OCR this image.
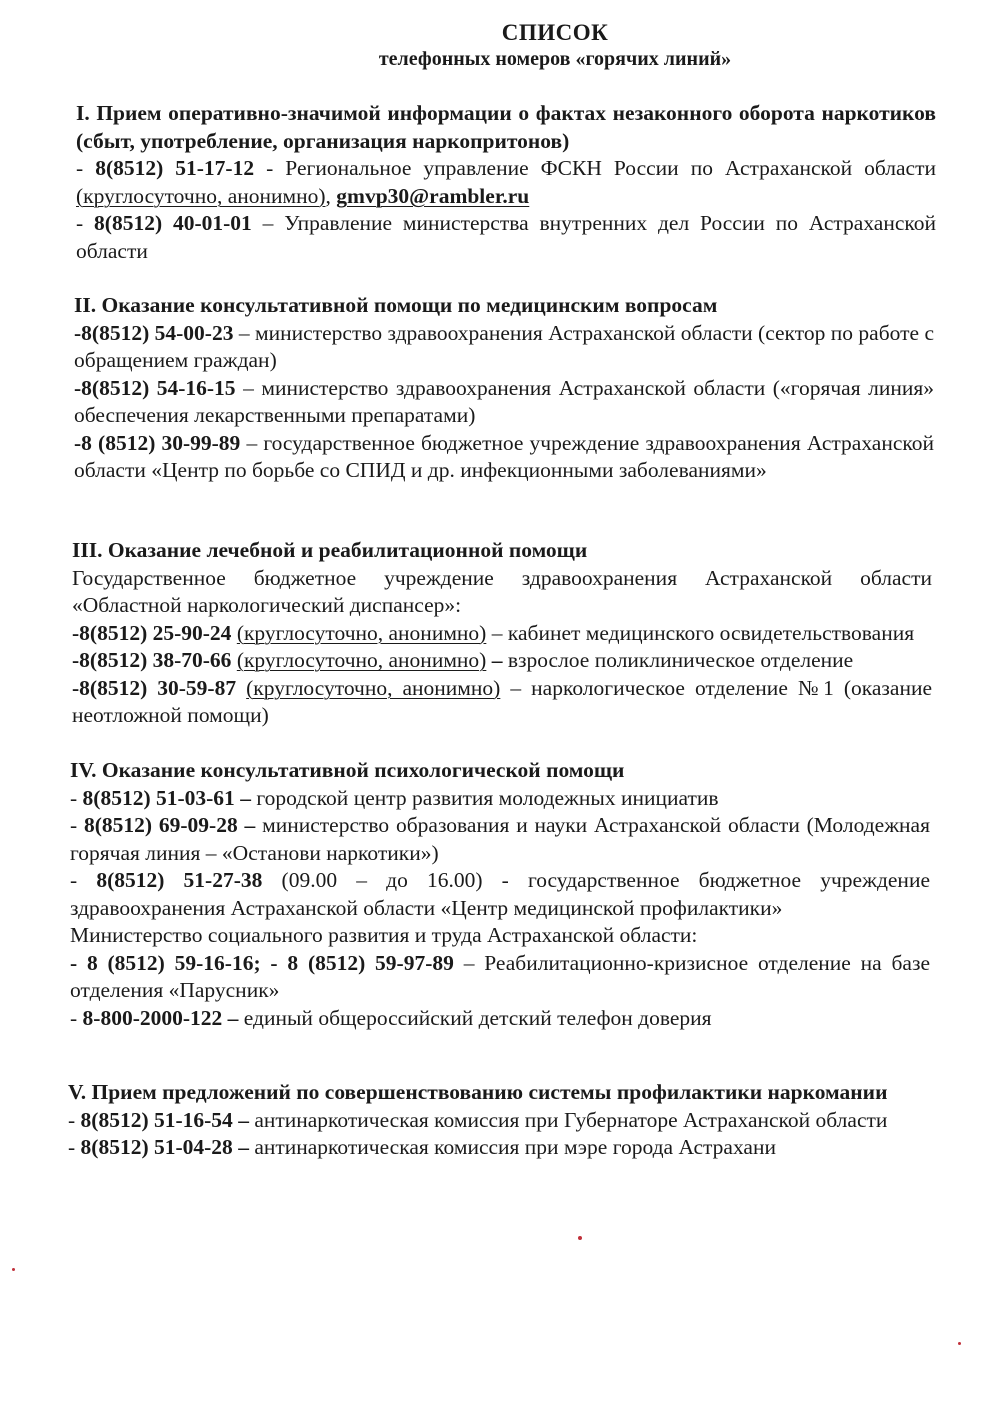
СПИСОК
телефонных номеров «горячих линий»
I. Прием оперативно-значимой информации о фактах незаконного оборота наркотиков (сбыт, употребление, организация наркопритонов)
- 8(8512) 51-17-12 - Региональное управление ФСКН России по Астраханской области (круглосуточно, анонимно), gmvp30@rambler.ru
- 8(8512) 40-01-01 – Управление министерства внутренних дел России по Астраханской области
II. Оказание консультативной помощи по медицинским вопросам
-8(8512) 54-00-23 – министерство здравоохранения Астраханской области (сектор по работе с обращением граждан)
-8(8512) 54-16-15 – министерство здравоохранения Астраханской области («горячая линия» обеспечения лекарственными препаратами)
-8 (8512) 30-99-89 – государственное бюджетное учреждение здравоохранения Астраханской области «Центр по борьбе со СПИД и др. инфекционными заболеваниями»
III. Оказание лечебной и реабилитационной помощи
Государственное бюджетное учреждение здравоохранения Астраханской области «Областной наркологический диспансер»:
-8(8512) 25-90-24 (круглосуточно, анонимно) – кабинет медицинского освидетельствования
-8(8512) 38-70-66 (круглосуточно, анонимно) – взрослое поликлиническое отделение
-8(8512) 30-59-87 (круглосуточно, анонимно) – наркологическое отделение №1 (оказание неотложной помощи)
IV. Оказание консультативной психологической помощи
- 8(8512) 51-03-61 – городской центр развития молодежных инициатив
- 8(8512) 69-09-28 – министерство образования и науки Астраханской области (Молодежная горячая линия – «Останови наркотики»)
- 8(8512) 51-27-38 (09.00 – до 16.00) - государственное бюджетное учреждение здравоохранения Астраханской области «Центр медицинской профилактики»
Министерство социального развития и труда Астраханской области:
- 8 (8512) 59-16-16; - 8 (8512) 59-97-89 – Реабилитационно-кризисное отделение на базе отделения «Парусник»
- 8-800-2000-122 – единый общероссийский детский телефон доверия
V. Прием предложений по совершенствованию системы профилактики наркомании
- 8(8512) 51-16-54 – антинаркотическая комиссия при Губернаторе Астраханской области
- 8(8512) 51-04-28 – антинаркотическая комиссия при мэре города Астрахани
